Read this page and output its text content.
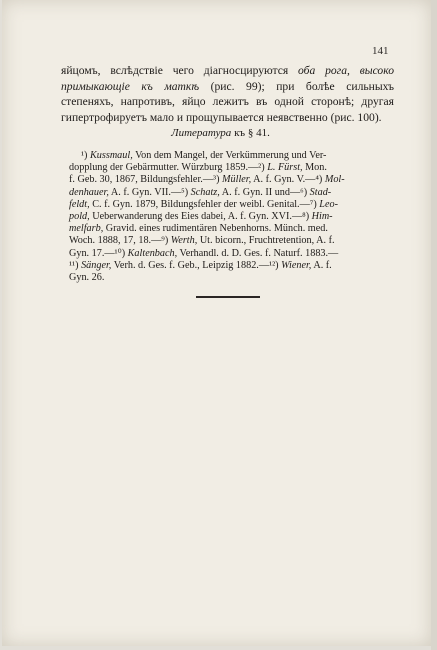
141
яйцомъ, вслѣдствіе чего діагносцируются оба рога, высоко
примыкающіе къ маткѣ (рис. 99); при болѣе сильныхъ
степеняхъ, напротивъ, яйцо лежитъ въ одной сторонѣ; другая
гипертрофируетъ мало и прощупывается неявственно (рис. 100).
Литература къ § 41.
¹) Kussmaul, Von dem Mangel, der Verkümmerung und Ver-
dopplung der Gebärmutter. Würzburg 1859.—²) L. Fürst, Mon.
f. Geb. 30, 1867, Bildungsfehler.—³) Müller, A. f. Gyn. V.—⁴) Mol-
denhauer, A. f. Gyn. VII.—⁵) Schatz, A. f. Gyn. II und—⁶) Stad-
feldt, C. f. Gyn. 1879, Bildungsfehler der weibl. Genital.—⁷) Leo-
pold, Ueberwanderung des Eies dabei, A. f. Gyn. XVI.—⁸) Him-
melfarb, Gravid. eines rudimentären Nebenhorns. Münch. med.
Woch. 1888, 17, 18.—⁹) Werth, Ut. bicorn., Fruchtretention, A. f.
Gyn. 17.—¹⁰) Kaltenbach, Verhandl. d. D. Ges. f. Naturf. 1883.—
¹¹) Sänger, Verh. d. Ges. f. Geb., Leipzig 1882.—¹²) Wiener, A. f.
Gyn. 26.
